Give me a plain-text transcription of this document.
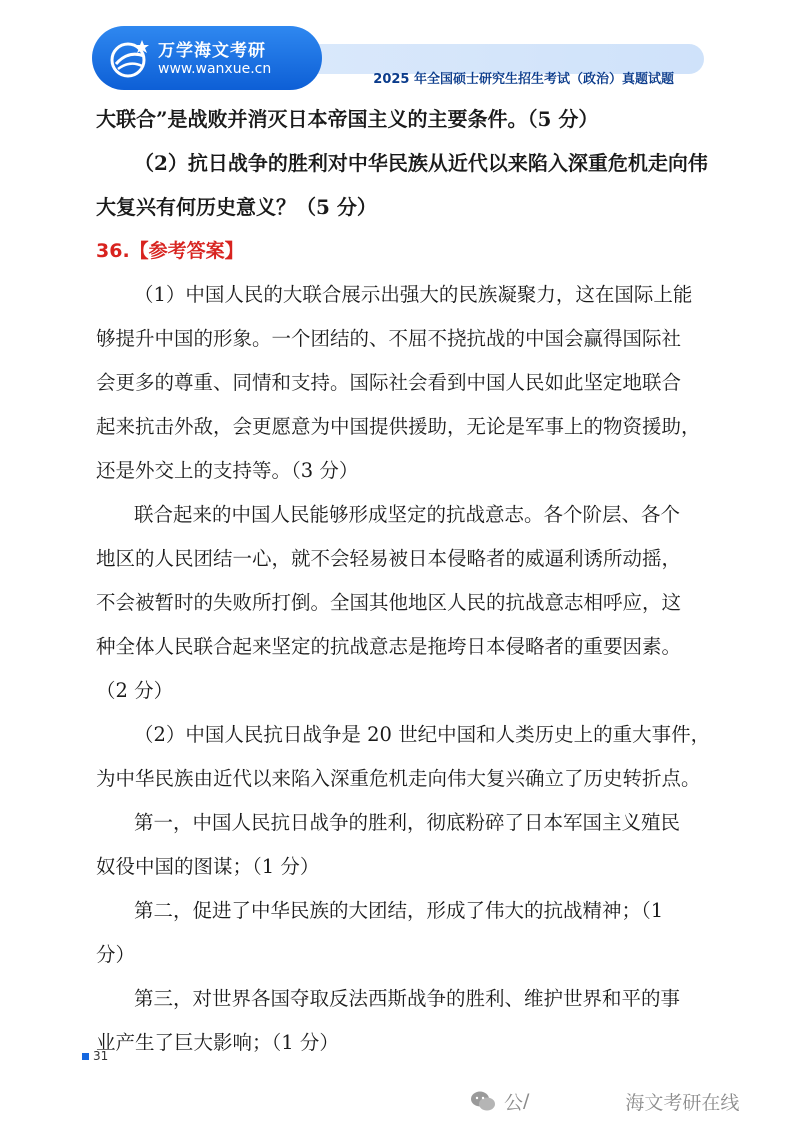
2025 年全国硕士研究生招生考试（政治）真题试题
万学海文考研
www.wanxue.cn
大联合”是战败并消灭日本帝国主义的主要条件。（5 分）
（2）抗日战争的胜利对中华民族从近代以来陷入深重危机走向伟
大复兴有何历史意义？（5 分）
36.【参考答案】
（1）中国人民的大联合展示出强大的民族凝聚力，这在国际上能
够提升中国的形象。一个团结的、不屈不挠抗战的中国会赢得国际社
会更多的尊重、同情和支持。国际社会看到中国人民如此坚定地联合
起来抗击外敌，会更愿意为中国提供援助，无论是军事上的物资援助，
还是外交上的支持等。（3 分）
联合起来的中国人民能够形成坚定的抗战意志。各个阶层、各个
地区的人民团结一心，就不会轻易被日本侵略者的威逼利诱所动摇，
不会被暂时的失败所打倒。全国其他地区人民的抗战意志相呼应，这
种全体人民联合起来坚定的抗战意志是拖垮日本侵略者的重要因素。
（2 分）
（2）中国人民抗日战争是 20 世纪中国和人类历史上的重大事件，
为中华民族由近代以来陷入深重危机走向伟大复兴确立了历史转折点。
第一，中国人民抗日战争的胜利，彻底粉碎了日本军国主义殖民
奴役中国的图谋；（1 分）
第二，促进了中华民族的大团结，形成了伟大的抗战精神；（1
分）
第三，对世界各国夺取反法西斯战争的胜利、维护世界和平的事
业产生了巨大影响；（1 分）
31
公 /	海文考研在线
